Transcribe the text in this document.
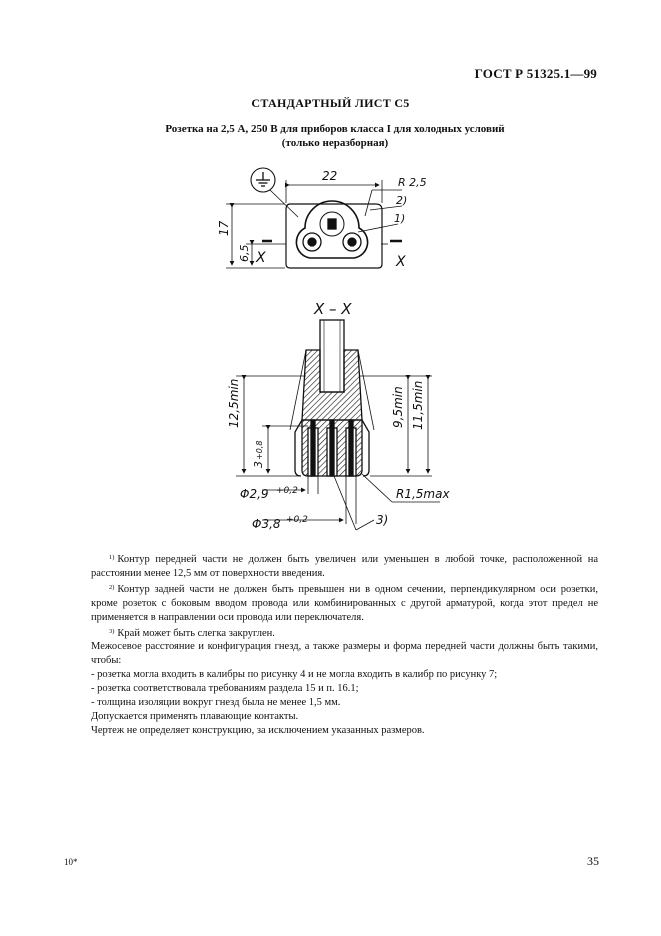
ГОСТ Р 51325.1—99
СТАНДАРТНЫЙ ЛИСТ С5
Розетка на 2,5 А, 250 В для приборов класса I для холодных условий
(только неразборная)
22	R 2,5
2)
1)
17
6,5 X	X
X – X
12,5min
3
+0,8
9,5min 11,5min
Φ2,9 +0,2
Φ3,8 +0,2
R1,5max
3)

$^{1)}$ Контур передней части не должен быть увеличен или уменьшен в любой точке, расположенной на расстоянии менее 12,5 мм от поверхности введения.

$^{2)}$ Контур задней части не должен быть превышен ни в одном сечении, перпендикулярном оси розетки, кроме розеток с боковым вводом провода или комбинированных с другой арматурой, когда этот предел не применяется в направлении оси провода или переключателя.

$^{3)}$ Край может быть слегка закруглен.

Межосевое расстояние и конфигурация гнезд, а также размеры и форма передней части должны быть такими, чтобы:

- розетка могла входить в калибры по рисунку 4 и не могла входить в калибр по рисунку 7;

- розетка соответствовала требованиям раздела 15 и п. 16.1;

- толщина изоляции вокруг гнезд была не менее 1,5 мм.

Допускается применять плавающие контакты.

Чертеж не определяет конструкцию, за исключением указанных размеров.

10*	35
